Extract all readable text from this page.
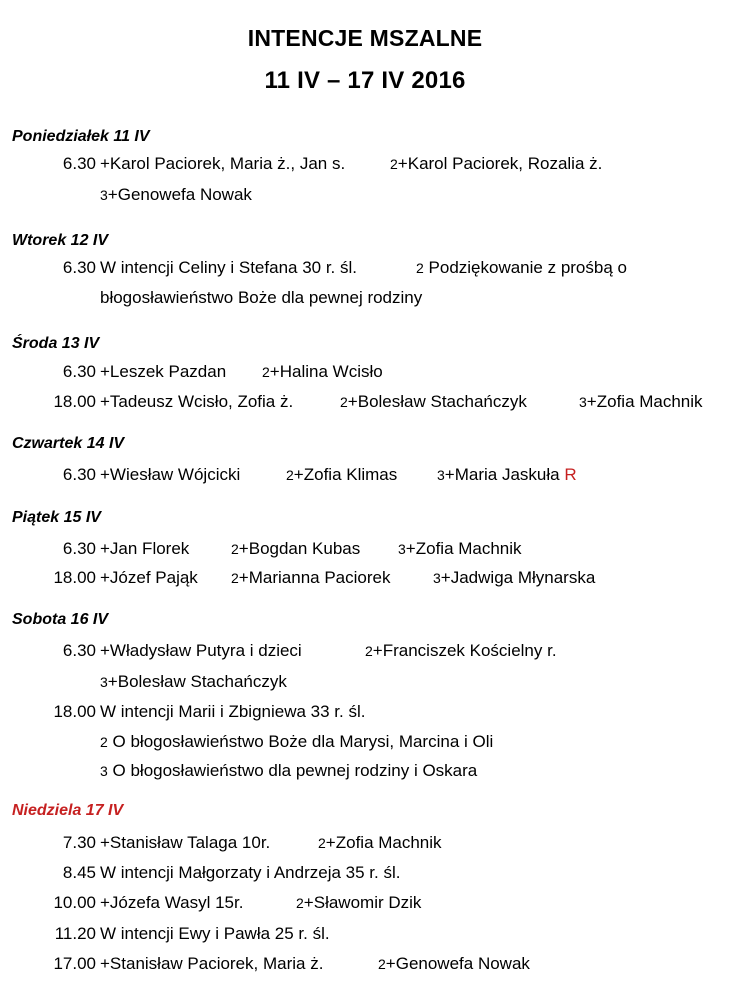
INTENCJE MSZALNE
11 IV – 17 IV 2016
Poniedziałek 11 IV
6.30 +Karol Paciorek, Maria ż., Jan s.	2+Karol Paciorek, Rozalia ż.
3+Genowefa Nowak
Wtorek 12 IV
6.30 W intencji Celiny i Stefana 30 r. śl.	2 Podziękowanie z prośbą o
błogosławieństwo Boże dla pewnej rodziny
Środa 13 IV
6.30 +Leszek Pazdan	2+Halina Wcisło
18.00 +Tadeusz Wcisło, Zofia ż.	2+Bolesław Stachańczyk	3+Zofia Machnik
Czwartek 14 IV
6.30 +Wiesław Wójcicki	2+Zofia Klimas	3+Maria Jaskuła R
Piątek 15 IV
6.30 +Jan Florek	2+Bogdan Kubas	3+Zofia Machnik
18.00 +Józef Pająk 2+Marianna Paciorek	3+Jadwiga Młynarska
Sobota 16 IV
6.30 +Władysław Putyra i dzieci	2+Franciszek Kościelny r.
3+Bolesław Stachańczyk
18.00 W intencji Marii i Zbigniewa 33 r. śl.
2 O błogosławieństwo Boże dla Marysi, Marcina i Oli
3 O błogosławieństwo dla pewnej rodziny i Oskara
Niedziela 17 IV
7.30 +Stanisław Talaga 10r.	2+Zofia Machnik
8.45 W intencji Małgorzaty i Andrzeja 35 r. śl.
10.00 +Józefa Wasyl 15r.	2+Sławomir Dzik
11.20 W intencji Ewy i Pawła 25 r. śl.
17.00 +Stanisław Paciorek, Maria ż.	2+Genowefa Nowak
